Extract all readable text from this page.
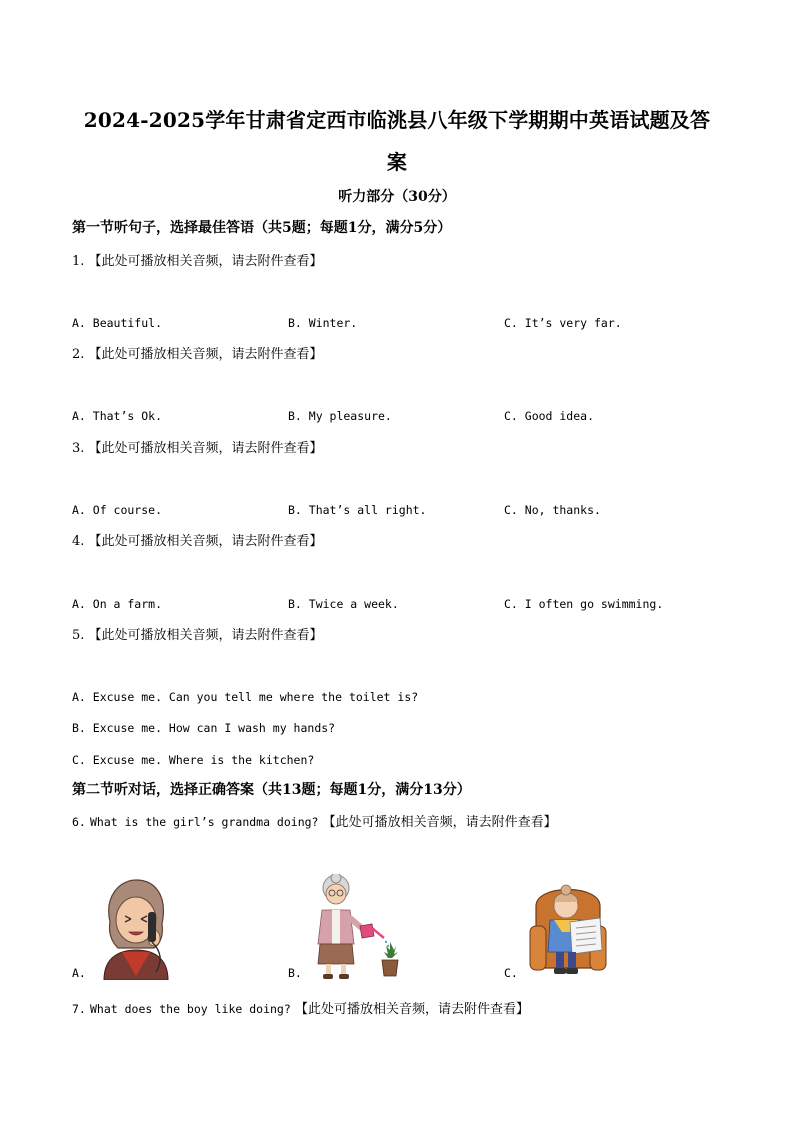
2024-2025学年甘肃省定西市临洮县八年级下学期期中英语试题及答
案
听力部分（30分）
第一节听句子，选择最佳答语（共5题；每题1分，满分5分）
1. 【此处可播放相关音频，请去附件查看】
A. Beautiful.	B. Winter.	C. It’s very far.
2. 【此处可播放相关音频，请去附件查看】
A. That’s Ok.	B. My pleasure.	C. Good idea.
3. 【此处可播放相关音频，请去附件查看】
A. Of course.	B. That’s all right.	C. No, thanks.
4. 【此处可播放相关音频，请去附件查看】
A. On a farm.	B. Twice a week.	C. I often go swimming.
5. 【此处可播放相关音频，请去附件查看】
A. Excuse me. Can you tell me where the toilet is?
B. Excuse me. How can I wash my hands?
C. Excuse me. Where is the kitchen?
第二节听对话，选择正确答案（共13题；每题1分，满分13分）
6. What is the girl’s grandma doing? 【此处可播放相关音频，请去附件查看】
A.	B.	C.
7. What does the boy like doing? 【此处可播放相关音频，请去附件查看】
